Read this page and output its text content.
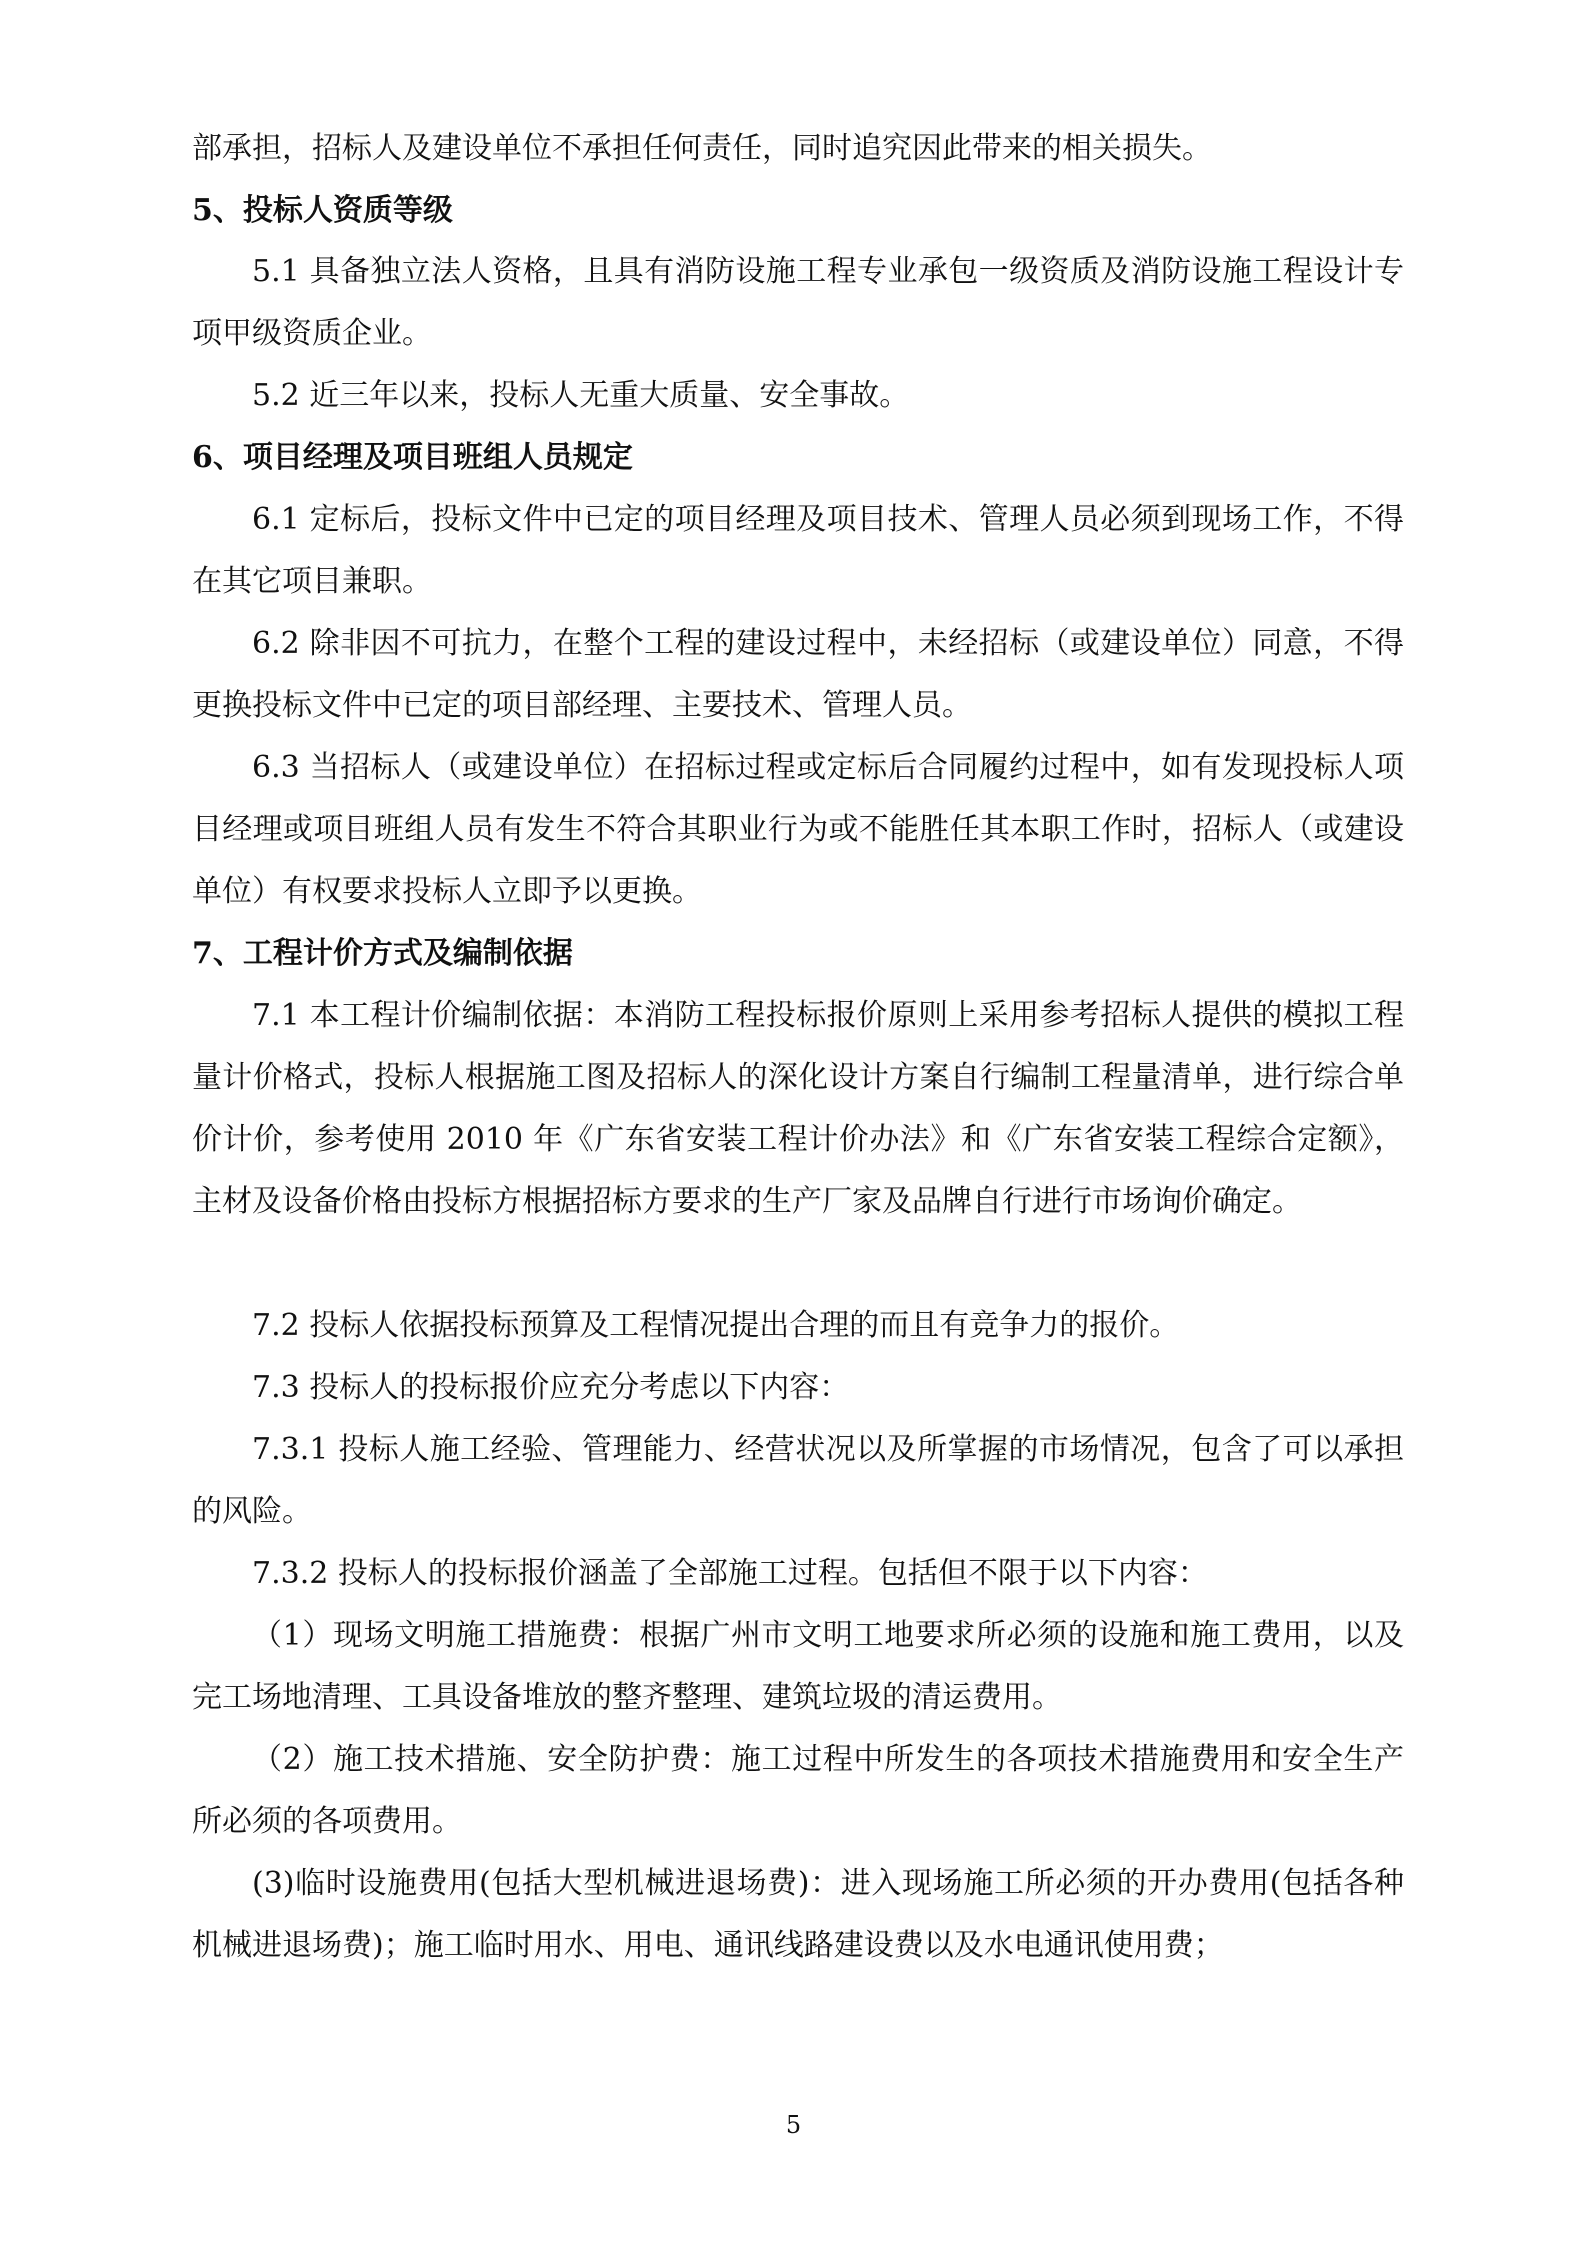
部承担，招标人及建设单位不承担任何责任，同时追究因此带来的相关损失。

5、投标人资质等级

5.1 具备独立法人资格，且具有消防设施工程专业承包一级资质及消防设施工程设计专项甲级资质企业。

5.2 近三年以来，投标人无重大质量、安全事故。

6、项目经理及项目班组人员规定

6.1 定标后，投标文件中已定的项目经理及项目技术、管理人员必须到现场工作，不得在其它项目兼职。

6.2 除非因不可抗力，在整个工程的建设过程中，未经招标（或建设单位）同意，不得更换投标文件中已定的项目部经理、主要技术、管理人员。

6.3 当招标人（或建设单位）在招标过程或定标后合同履约过程中，如有发现投标人项目经理或项目班组人员有发生不符合其职业行为或不能胜任其本职工作时，招标人（或建设单位）有权要求投标人立即予以更换。

7、工程计价方式及编制依据

7.1 本工程计价编制依据：本消防工程投标报价原则上采用参考招标人提供的模拟工程量计价格式，投标人根据施工图及招标人的深化设计方案自行编制工程量清单，进行综合单价计价，参考使用 2010 年《广东省安装工程计价办法》和《广东省安装工程综合定额》，主材及设备价格由投标方根据招标方要求的生产厂家及品牌自行进行市场询价确定。

7.2 投标人依据投标预算及工程情况提出合理的而且有竞争力的报价。

7.3 投标人的投标报价应充分考虑以下内容：

7.3.1 投标人施工经验、管理能力、经营状况以及所掌握的市场情况，包含了可以承担的风险。

7.3.2 投标人的投标报价涵盖了全部施工过程。包括但不限于以下内容：

（1）现场文明施工措施费：根据广州市文明工地要求所必须的设施和施工费用，以及完工场地清理、工具设备堆放的整齐整理、建筑垃圾的清运费用。

（2）施工技术措施、安全防护费：施工过程中所发生的各项技术措施费用和安全生产所必须的各项费用。

(3)临时设施费用(包括大型机械进退场费)：进入现场施工所必须的开办费用(包括各种机械进退场费)；施工临时用水、用电、通讯线路建设费以及水电通讯使用费；

5
